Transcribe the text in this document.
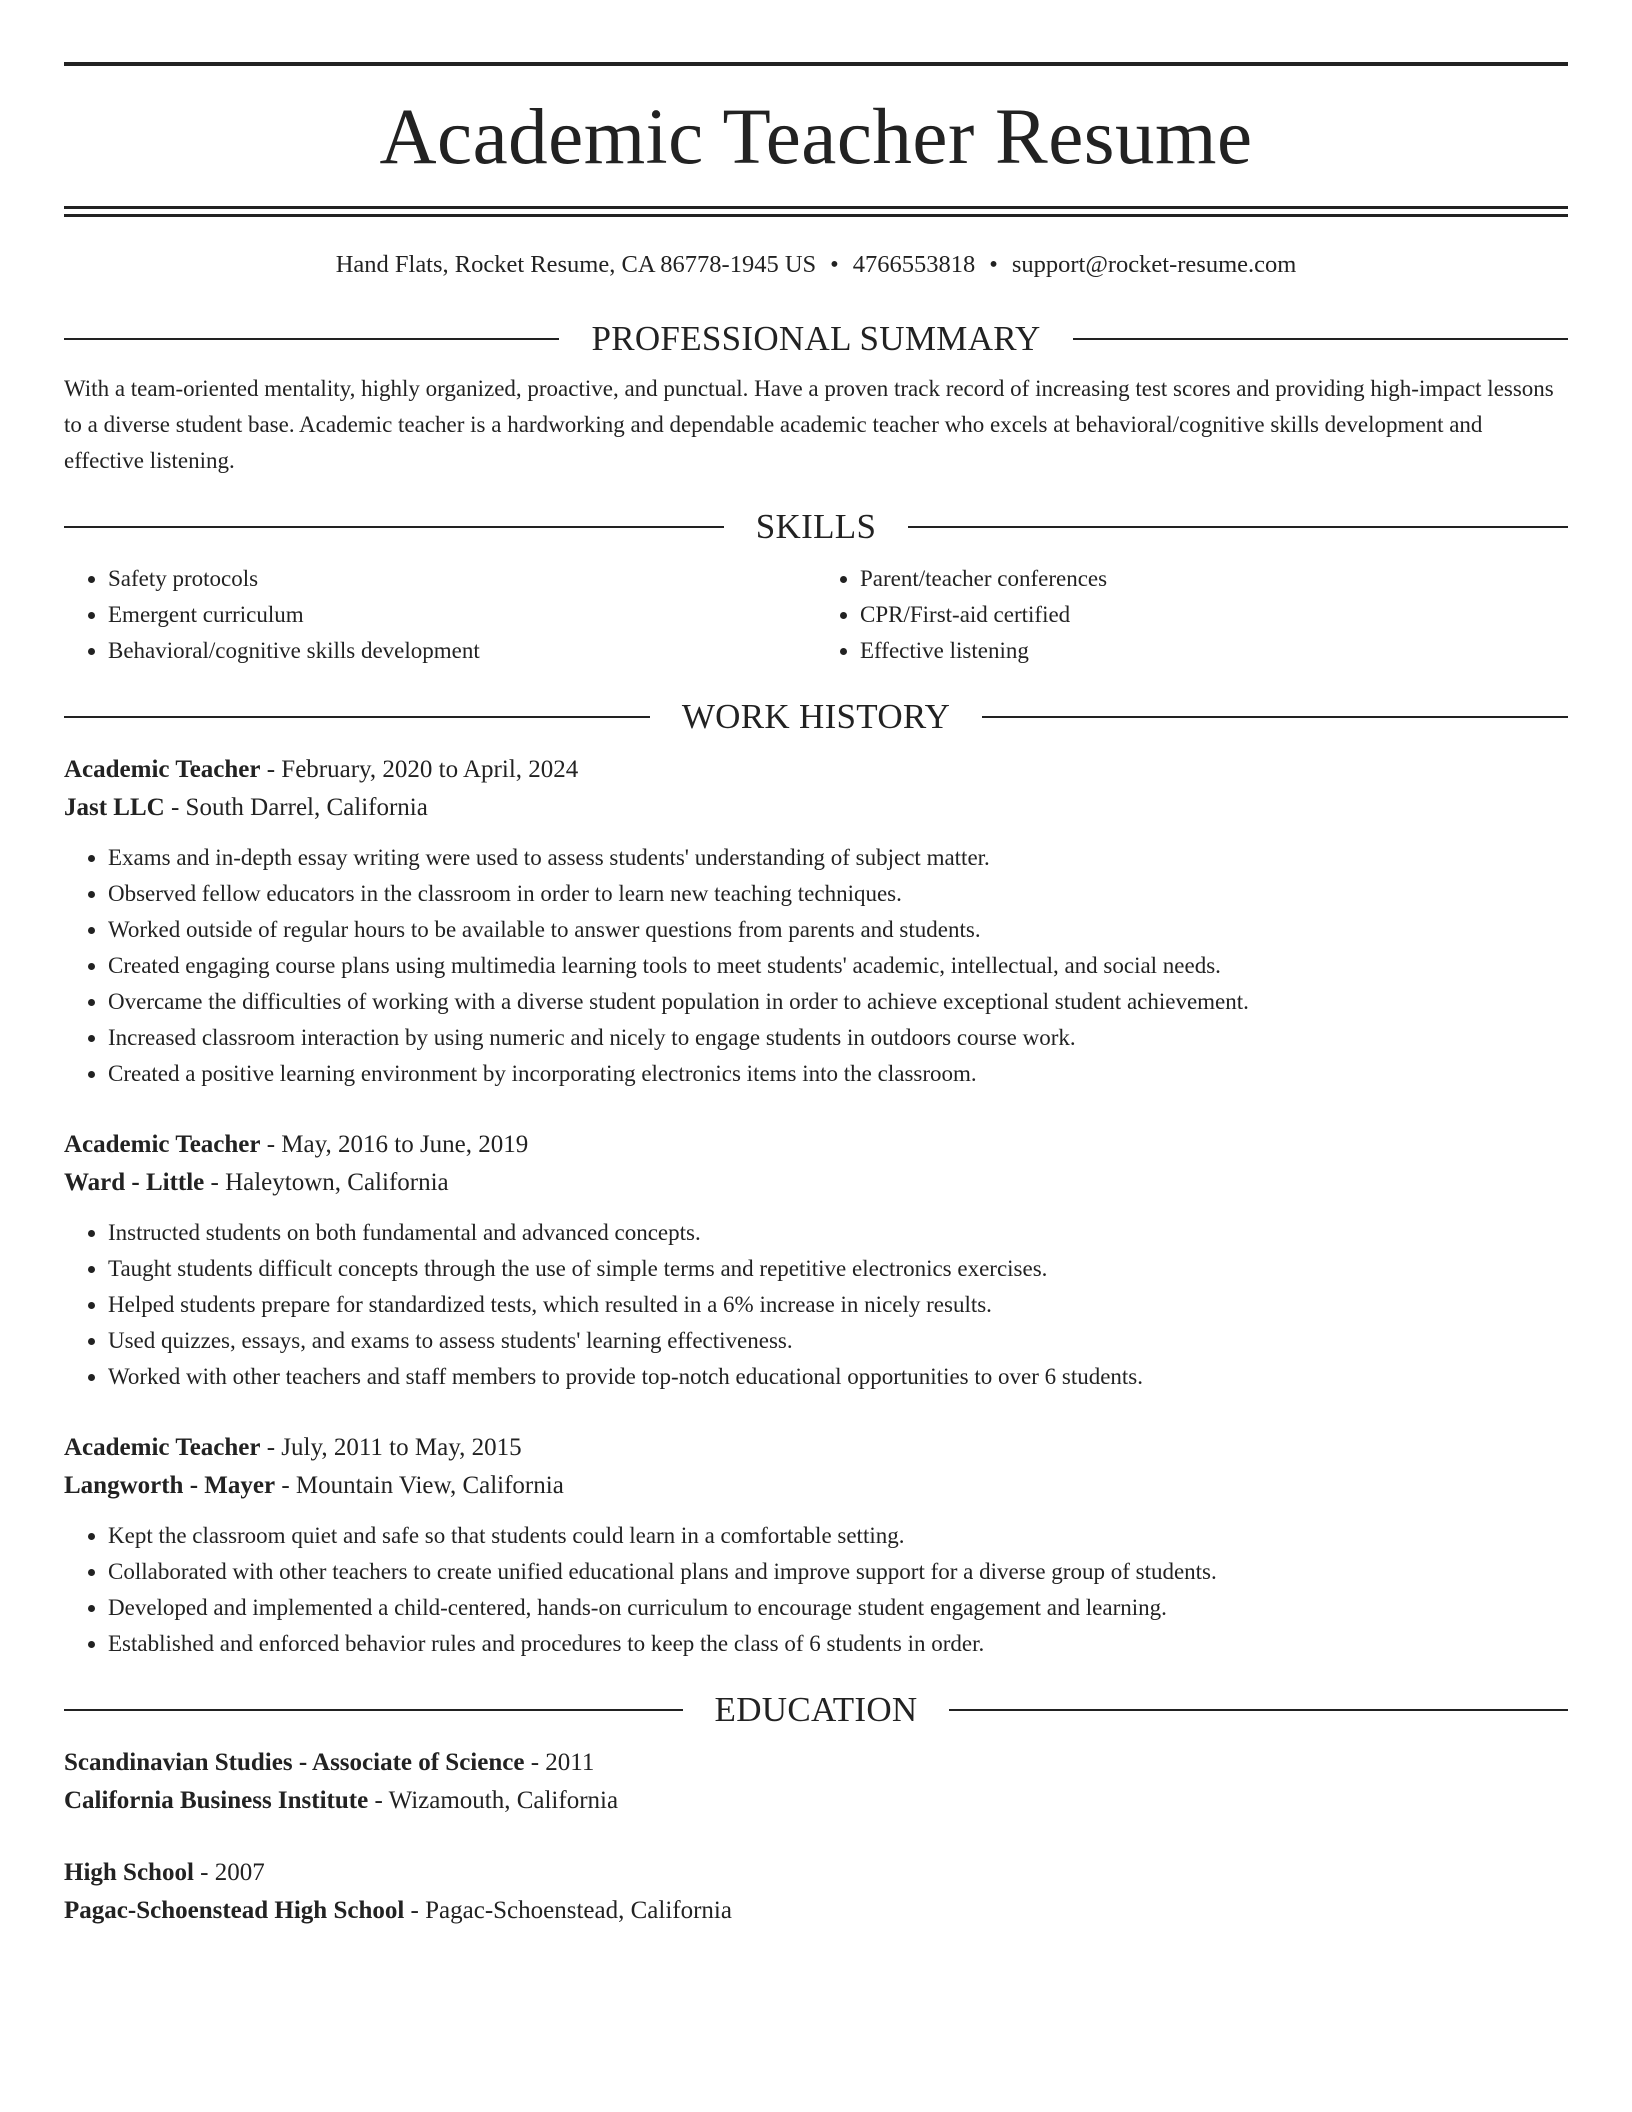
Academic Teacher Resume
Hand Flats, Rocket Resume, CA 86778-1945 US • 4766553818 • support@rocket-resume.com
PROFESSIONAL SUMMARY
With a team-oriented mentality, highly organized, proactive, and punctual. Have a proven track record of increasing test scores and providing high-impact lessons to a diverse student base. Academic teacher is a hardworking and dependable academic teacher who excels at behavioral/cognitive skills development and effective listening.
SKILLS
• Safety protocols
• Emergent curriculum
• Behavioral/cognitive skills development
• Parent/teacher conferences
• CPR/First-aid certified
• Effective listening
WORK HISTORY
Academic Teacher - February, 2020 to April, 2024
Jast LLC - South Darrel, California
• Exams and in-depth essay writing were used to assess students' understanding of subject matter.
• Observed fellow educators in the classroom in order to learn new teaching techniques.
• Worked outside of regular hours to be available to answer questions from parents and students.
• Created engaging course plans using multimedia learning tools to meet students' academic, intellectual, and social needs.
• Overcame the difficulties of working with a diverse student population in order to achieve exceptional student achievement.
• Increased classroom interaction by using numeric and nicely to engage students in outdoors course work.
• Created a positive learning environment by incorporating electronics items into the classroom.
Academic Teacher - May, 2016 to June, 2019
Ward - Little - Haleytown, California
• Instructed students on both fundamental and advanced concepts.
• Taught students difficult concepts through the use of simple terms and repetitive electronics exercises.
• Helped students prepare for standardized tests, which resulted in a 6% increase in nicely results.
• Used quizzes, essays, and exams to assess students' learning effectiveness.
• Worked with other teachers and staff members to provide top-notch educational opportunities to over 6 students.
Academic Teacher - July, 2011 to May, 2015
Langworth - Mayer - Mountain View, California
• Kept the classroom quiet and safe so that students could learn in a comfortable setting.
• Collaborated with other teachers to create unified educational plans and improve support for a diverse group of students.
• Developed and implemented a child-centered, hands-on curriculum to encourage student engagement and learning.
• Established and enforced behavior rules and procedures to keep the class of 6 students in order.
EDUCATION
Scandinavian Studies - Associate of Science - 2011
California Business Institute - Wizamouth, California
High School - 2007
Pagac-Schoenstead High School - Pagac-Schoenstead, California
